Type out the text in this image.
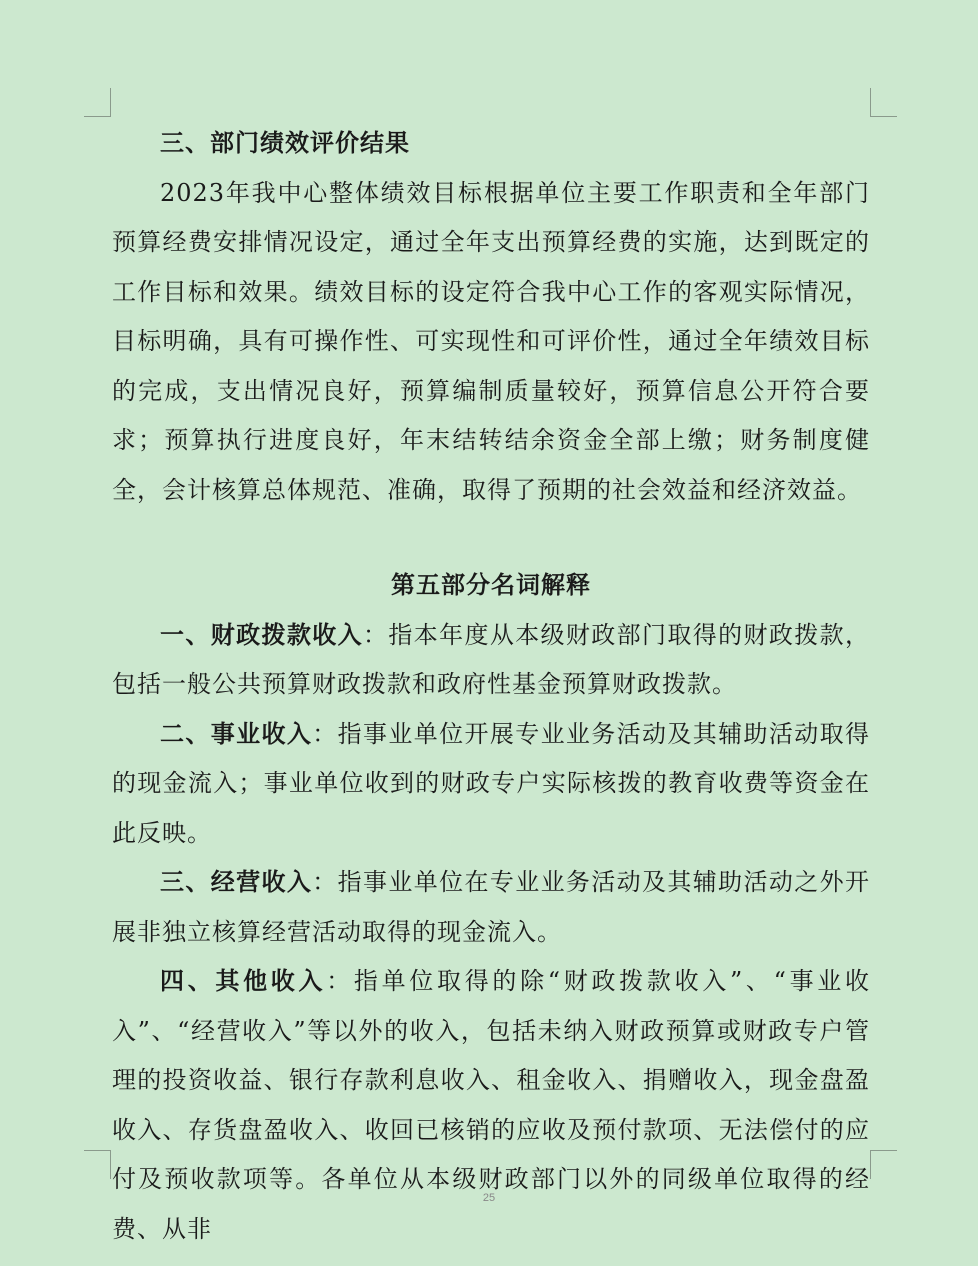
三、部门绩效评价结果

2023年我中心整体绩效目标根据单位主要工作职责和全年部门预算经费安排情况设定，通过全年支出预算经费的实施，达到既定的工作目标和效果。绩效目标的设定符合我中心工作的客观实际情况，目标明确，具有可操作性、可实现性和可评价性，通过全年绩效目标的完成，支出情况良好，预算编制质量较好，预算信息公开符合要求；预算执行进度良好，年末结转结余资金全部上缴；财务制度健全，会计核算总体规范、准确，取得了预期的社会效益和经济效益。

第五部分名词解释

一、财政拨款收入：指本年度从本级财政部门取得的财政拨款，包括一般公共预算财政拨款和政府性基金预算财政拨款。

二、事业收入：指事业单位开展专业业务活动及其辅助活动取得的现金流入；事业单位收到的财政专户实际核拨的教育收费等资金在此反映。

三、经营收入：指事业单位在专业业务活动及其辅助活动之外开展非独立核算经营活动取得的现金流入。

四、其他收入：指单位取得的除“财政拨款收入”、“事业收入”、“经营收入”等以外的收入，包括未纳入财政预算或财政专户管理的投资收益、银行存款利息收入、租金收入、捐赠收入，现金盘盈收入、存货盘盈收入、收回已核销的应收及预付款项、无法偿付的应付及预收款项等。各单位从本级财政部门以外的同级单位取得的经费、从非

25
